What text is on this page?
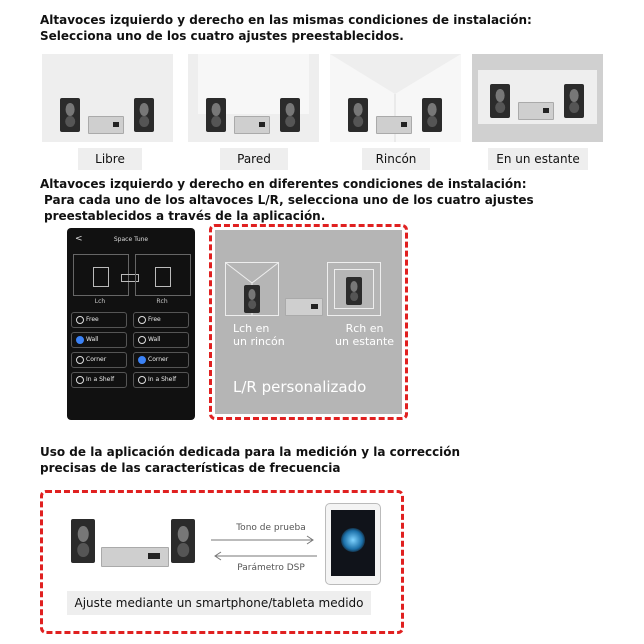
Altavoces izquierdo y derecho en las mismas condiciones de instalación:
Selecciona uno de los cuatro ajustes preestablecidos.
Libre	Pared	Rincón	En un estante
Altavoces izquierdo y derecho en diferentes condiciones de instalación:
Para cada uno de los altavoces L/R, selecciona uno de los cuatro ajustes
preestablecidos a través de la aplicación.
<	Space Tune
Lch	Rch
Free
Wall
Corner
In a Shelf
Free
Wall
Corner
In a Shelf
Lch en
un rincón
Rch en
un estante
L/R personalizado
Uso de la aplicación dedicada para la medición y la corrección
precisas de las características de frecuencia
Tono de prueba
Parámetro DSP
Ajuste mediante un smartphone/tableta medido
